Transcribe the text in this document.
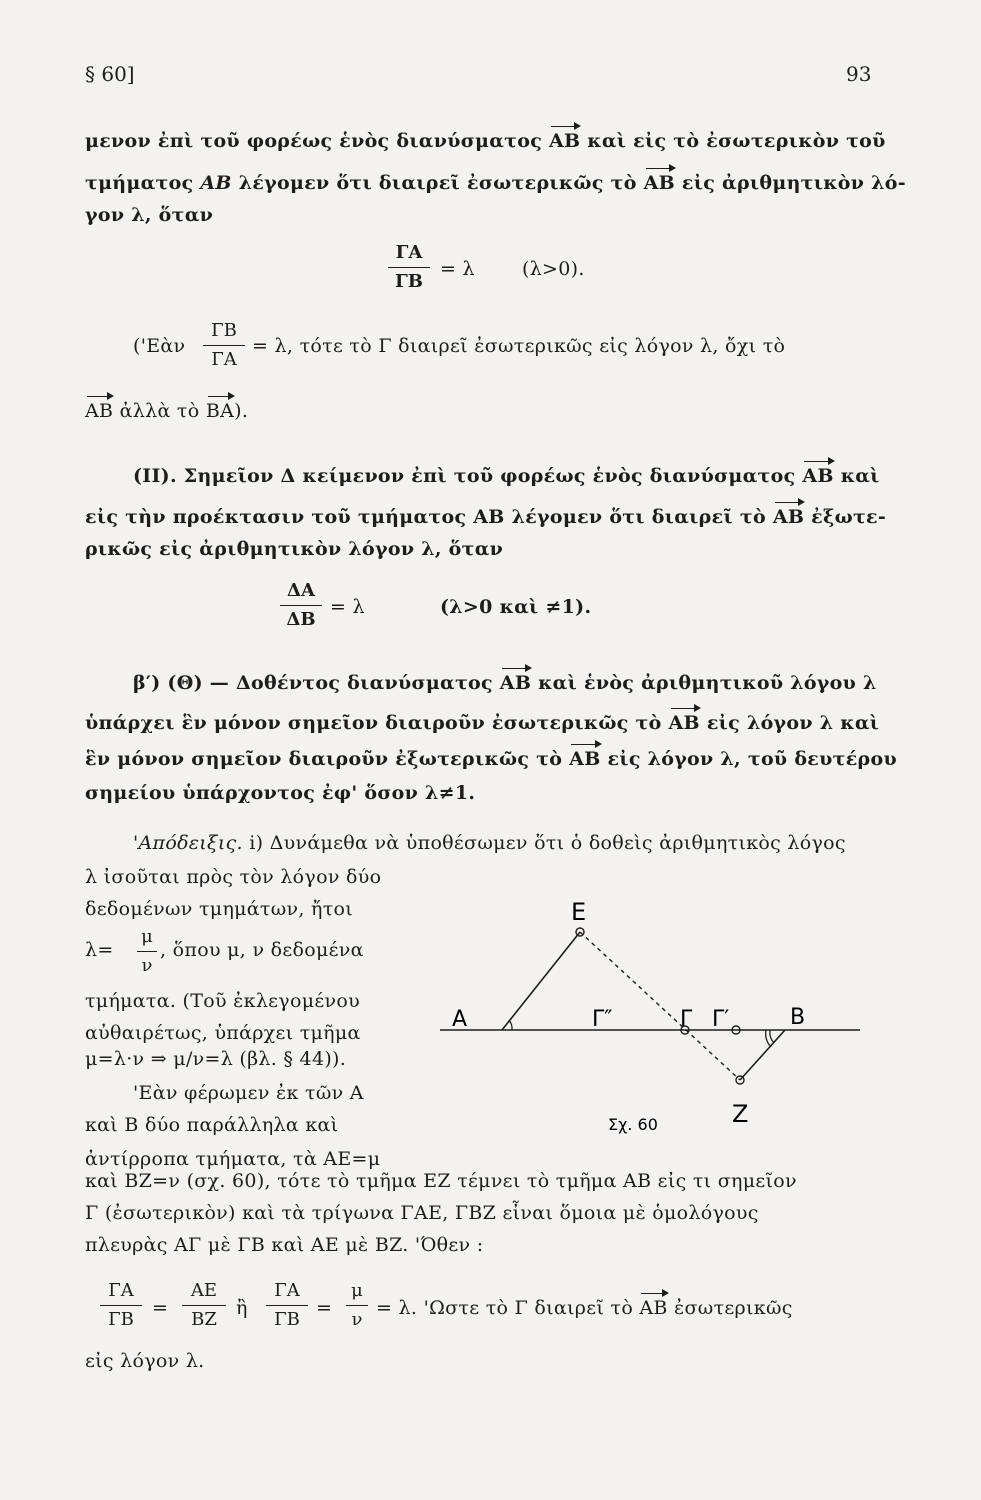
§ 60]	93
μενον ἐπὶ τοῦ φορέως ἑνὸς διανύσματος AB καὶ εἰς τὸ ἐσωτερικὸν τοῦ
τμήματος AB λέγομεν ὅτι διαιρεῖ ἐσωτερικῶς τὸ AB εἰς ἀριθμητικὸν λό-
γον λ, ὅταν
ΓΑ
ΓΒ
= λ (λ>0).
('Εὰν
ΓΒ
ΓΑ
= λ, τότε τὸ Γ διαιρεῖ ἐσωτερικῶς εἰς λόγον λ, ὄχι τὸ
AB ἀλλὰ τὸ BA).
(II). Σημεῖον Δ κείμενον ἐπὶ τοῦ φορέως ἑνὸς διανύσματος AB καὶ
εἰς τὴν προέκτασιν τοῦ τμήματος AB λέγομεν ὅτι διαιρεῖ τὸ AB ἐξωτε-
ρικῶς εἰς ἀριθμητικὸν λόγον λ, ὅταν
ΔΑ
ΔΒ
= λ	(λ>0 καὶ ≠1).
β′) (Θ) — Δοθέντος διανύσματος AB καὶ ἑνὸς ἀριθμητικοῦ λόγου λ
ὑπάρχει ἓν μόνον σημεῖον διαιροῦν ἐσωτερικῶς τὸ AB εἰς λόγον λ καὶ
ἓν μόνον σημεῖον διαιροῦν ἐξωτερικῶς τὸ AB εἰς λόγον λ, τοῦ δευτέρου
σημείου ὑπάρχοντος ἐφ' ὅσον λ≠1.
'Απόδειξις. i) Δυνάμεθα νὰ ὑποθέσωμεν ὅτι ὁ δοθεὶς ἀριθμητικὸς λόγος
λ ἰσοῦται πρὸς τὸν λόγον δύο
δεδομένων τμημάτων, ἤτοι
λ=
μ
ν
, ὅπου μ, ν δεδομένα
τμήματα. (Τοῦ ἐκλεγομένου
αὐθαιρέτως, ὑπάρχει τμῆμα
μ=λ·ν ⇒ μ/ν=λ (βλ. § 44)).
'Εὰν φέρωμεν ἐκ τῶν A
καὶ B δύο παράλληλα καὶ
ἀντίρροπα τμήματα, τὰ AE=μ
καὶ BZ=ν (σχ. 60), τότε τὸ τμῆμα EZ τέμνει τὸ τμῆμα AB εἰς τι σημεῖον
Γ (ἐσωτερικὸν) καὶ τὰ τρίγωνα ΓΑΕ, ΓΒΖ εἶναι ὅμοια μὲ ὁμολόγους
πλευρὰς AΓ μὲ ΓΒ καὶ AE μὲ BZ. 'Όθεν :
ΓΑ
ΓΒ
=
AE
BZ
ἢ
ΓΑ
ΓΒ
=
μ
ν
= λ. 'Ωστε τὸ Γ διαιρεῖ τὸ AB ἐσωτερικῶς
εἰς λόγον λ.
E
A	Γ″	Γ Γ′	B
Z
Σχ. 60
